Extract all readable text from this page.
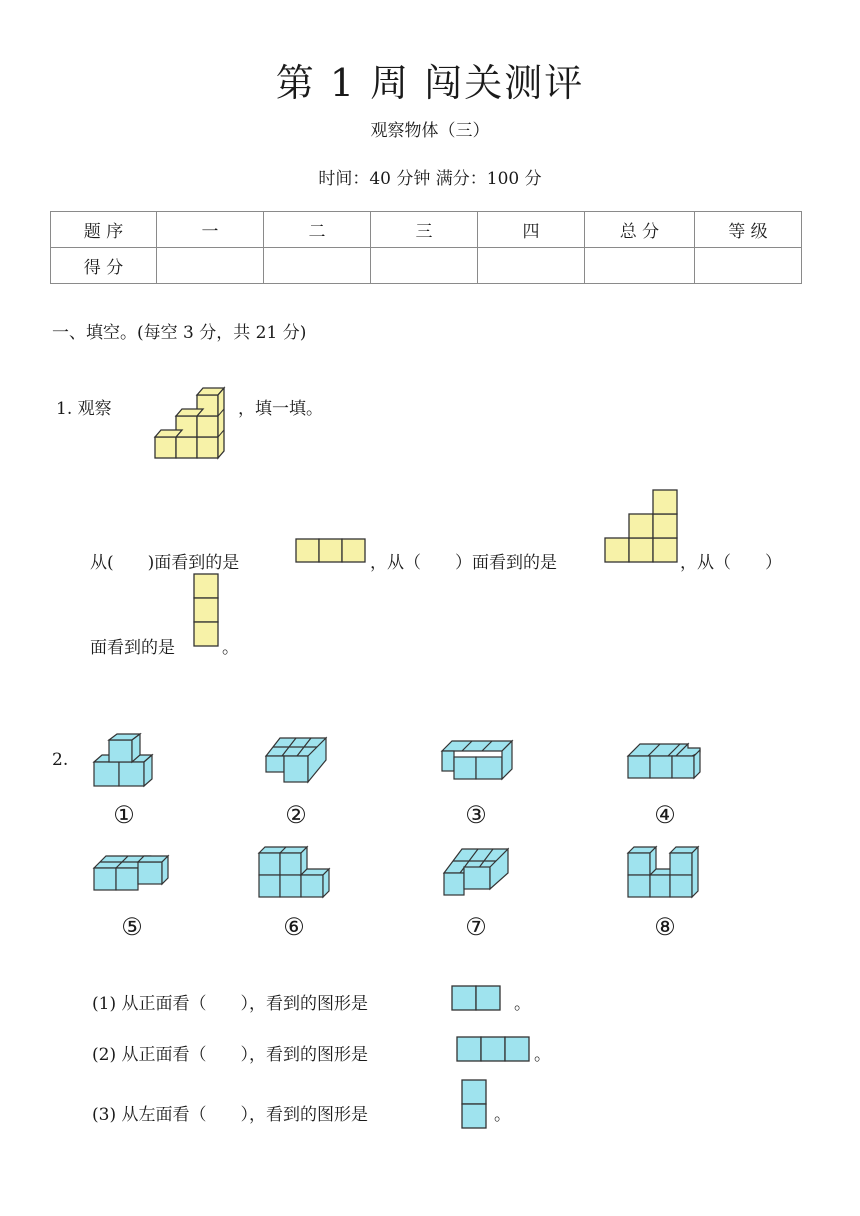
第 1 周 闯关测评
观察物体（三）
时间：40 分钟 满分：100 分
题 序	一	二	三	四	总 分	等 级
得 分						
一、填空。(每空 3 分，共 21 分)
1. 观察	，填一填。
从(　　)面看到的是	，从（　　）面看到的是	，从（　　）
面看到的是	。
2.
①	②	③	④
⑤	⑥	⑦	⑧
(1) 从正面看（　　），看到的图形是	。
(2) 从正面看（　　），看到的图形是	。
(3) 从左面看（　　），看到的图形是	。
